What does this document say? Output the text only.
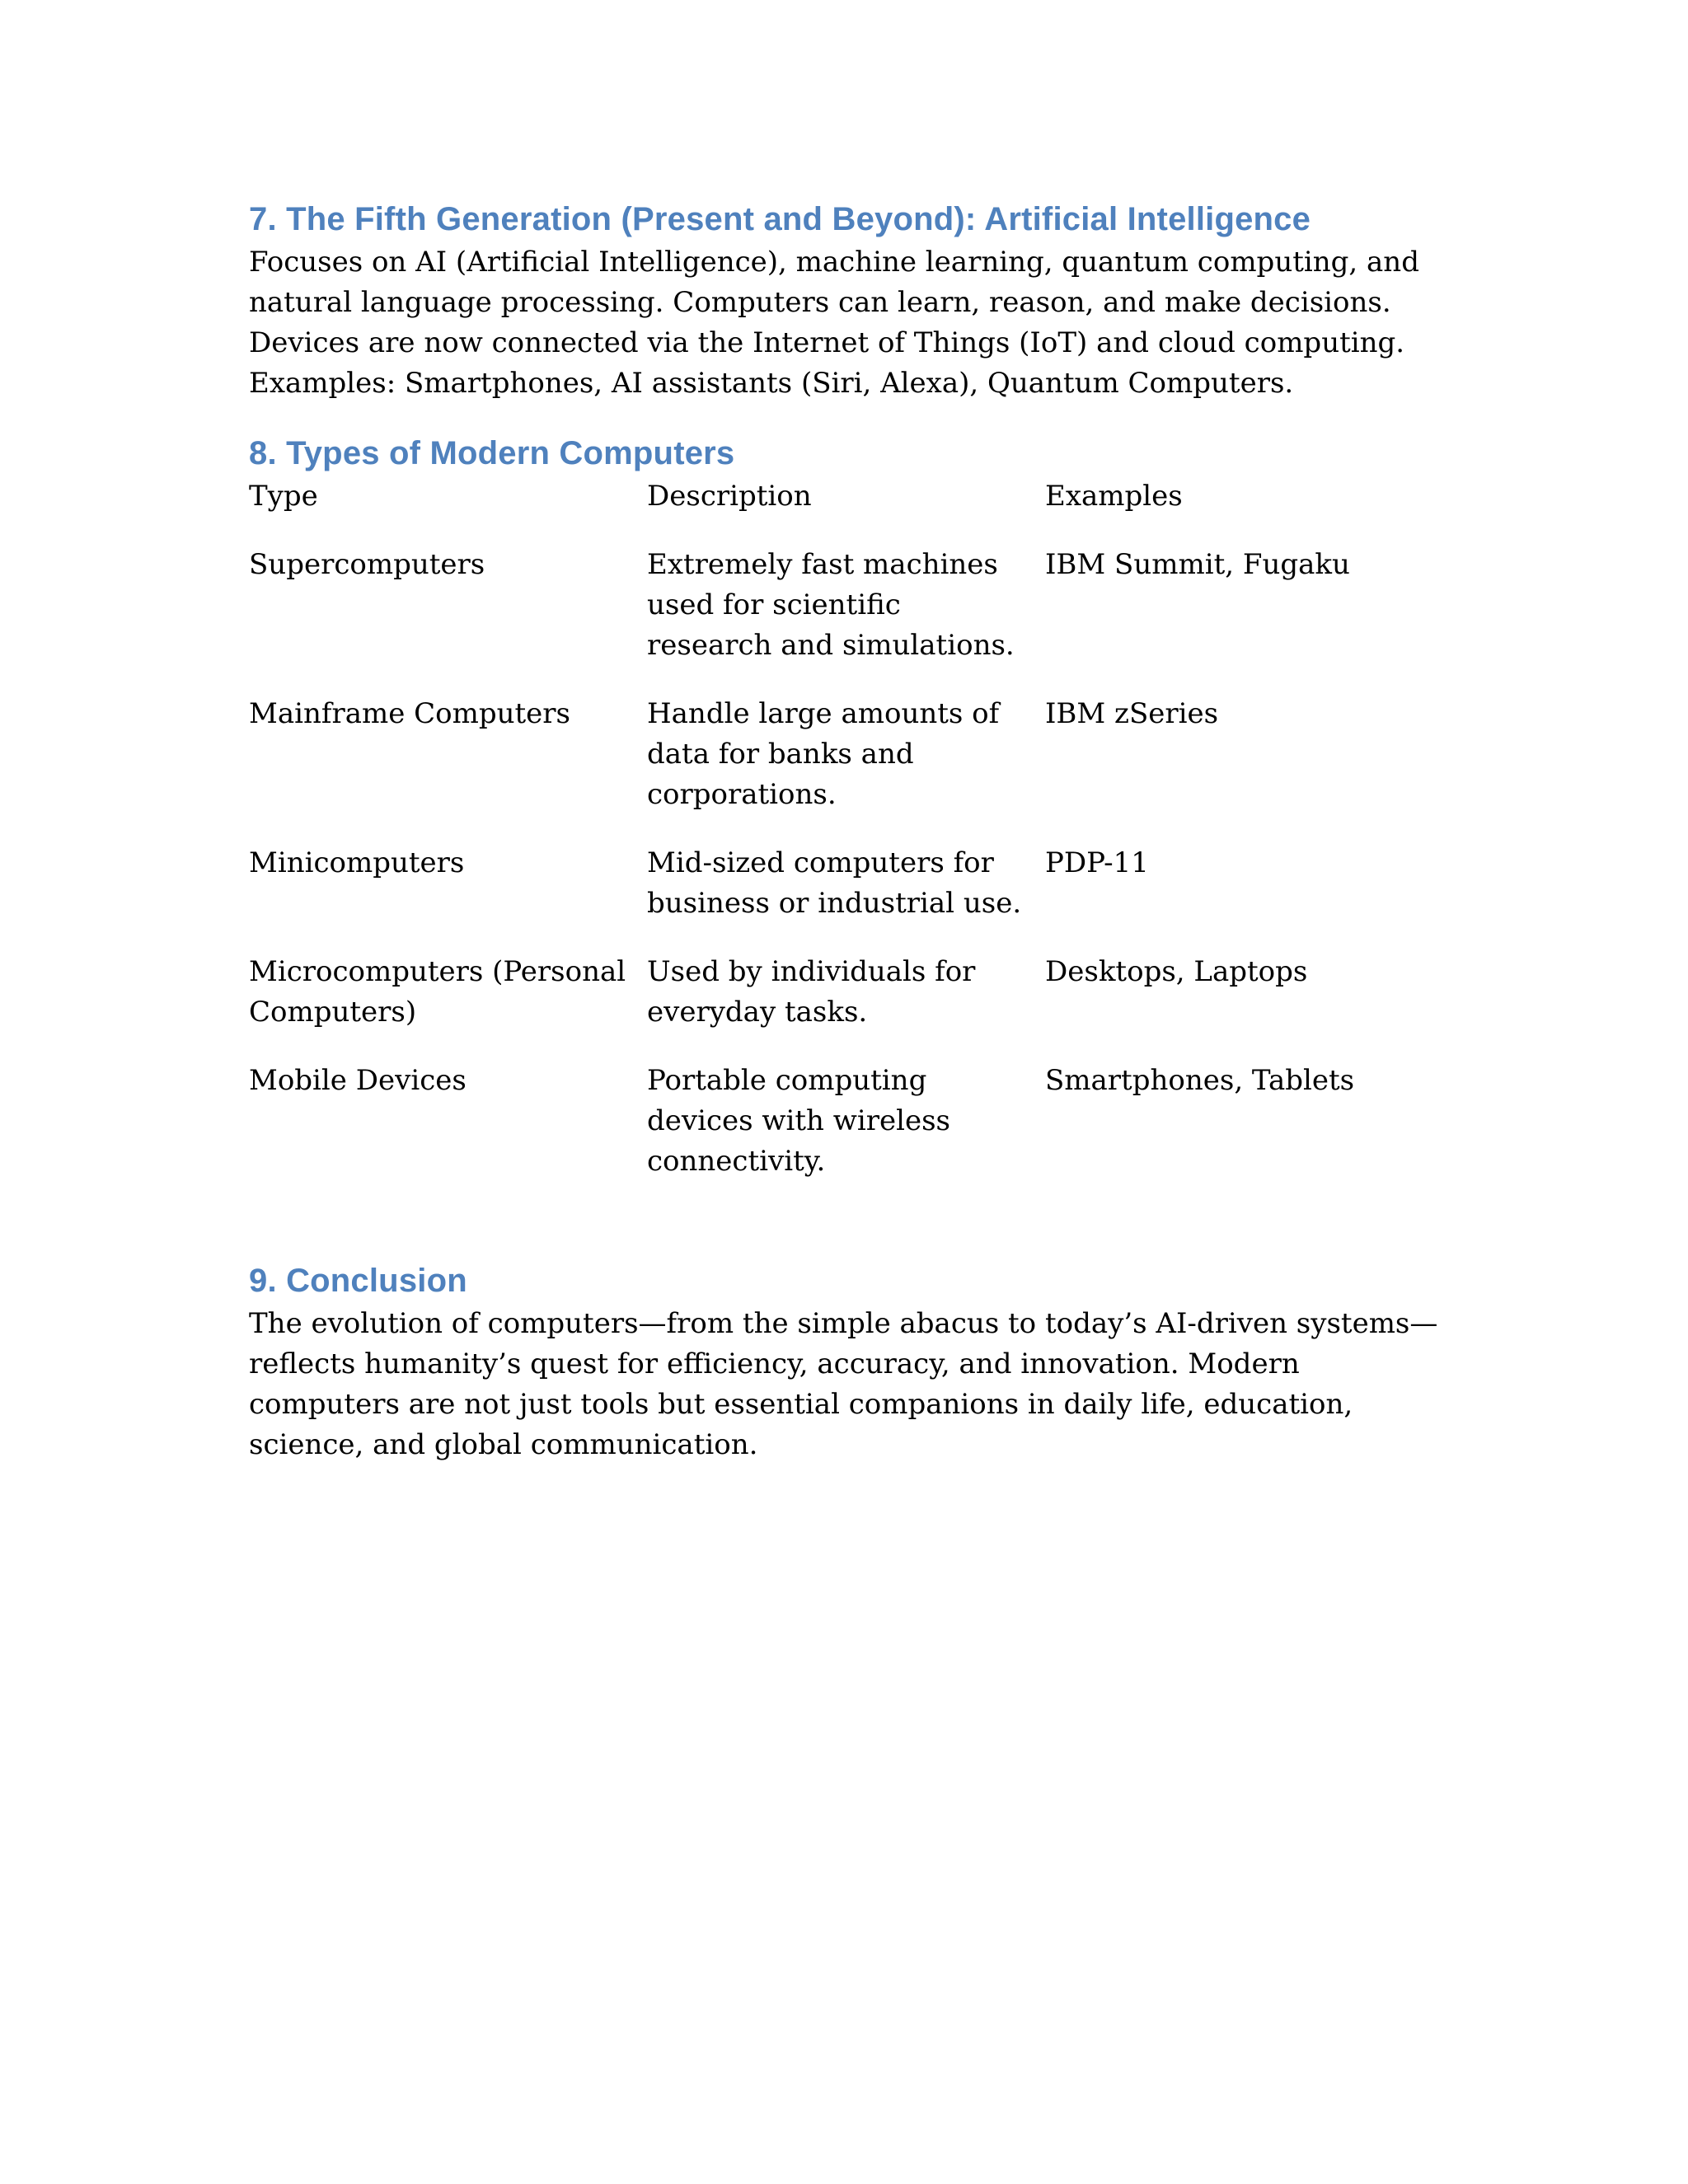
7. The Fifth Generation (Present and Beyond): Artificial Intelligence

Focuses on AI (Artificial Intelligence), machine learning, quantum computing, and natural language processing. Computers can learn, reason, and make decisions. Devices are now connected via the Internet of Things (IoT) and cloud computing.

Examples: Smartphones, AI assistants (Siri, Alexa), Quantum Computers.

8. Types of Modern Computers
Type	Description	Examples
Supercomputers	Extremely fast machines used for scientific research and simulations.	IBM Summit, Fugaku
Mainframe Computers	Handle large amounts of data for banks and corporations.	IBM zSeries
Minicomputers	Mid-sized computers for business or industrial use.	PDP-11
Microcomputers (Personal Computers)	Used by individuals for everyday tasks.	Desktops, Laptops
Mobile Devices	Portable computing devices with wireless connectivity.	Smartphones, Tablets
9. Conclusion

The evolution of computers—from the simple abacus to today’s AI-driven systems—reflects humanity’s quest for efficiency, accuracy, and innovation. Modern computers are not just tools but essential companions in daily life, education, science, and global communication.
